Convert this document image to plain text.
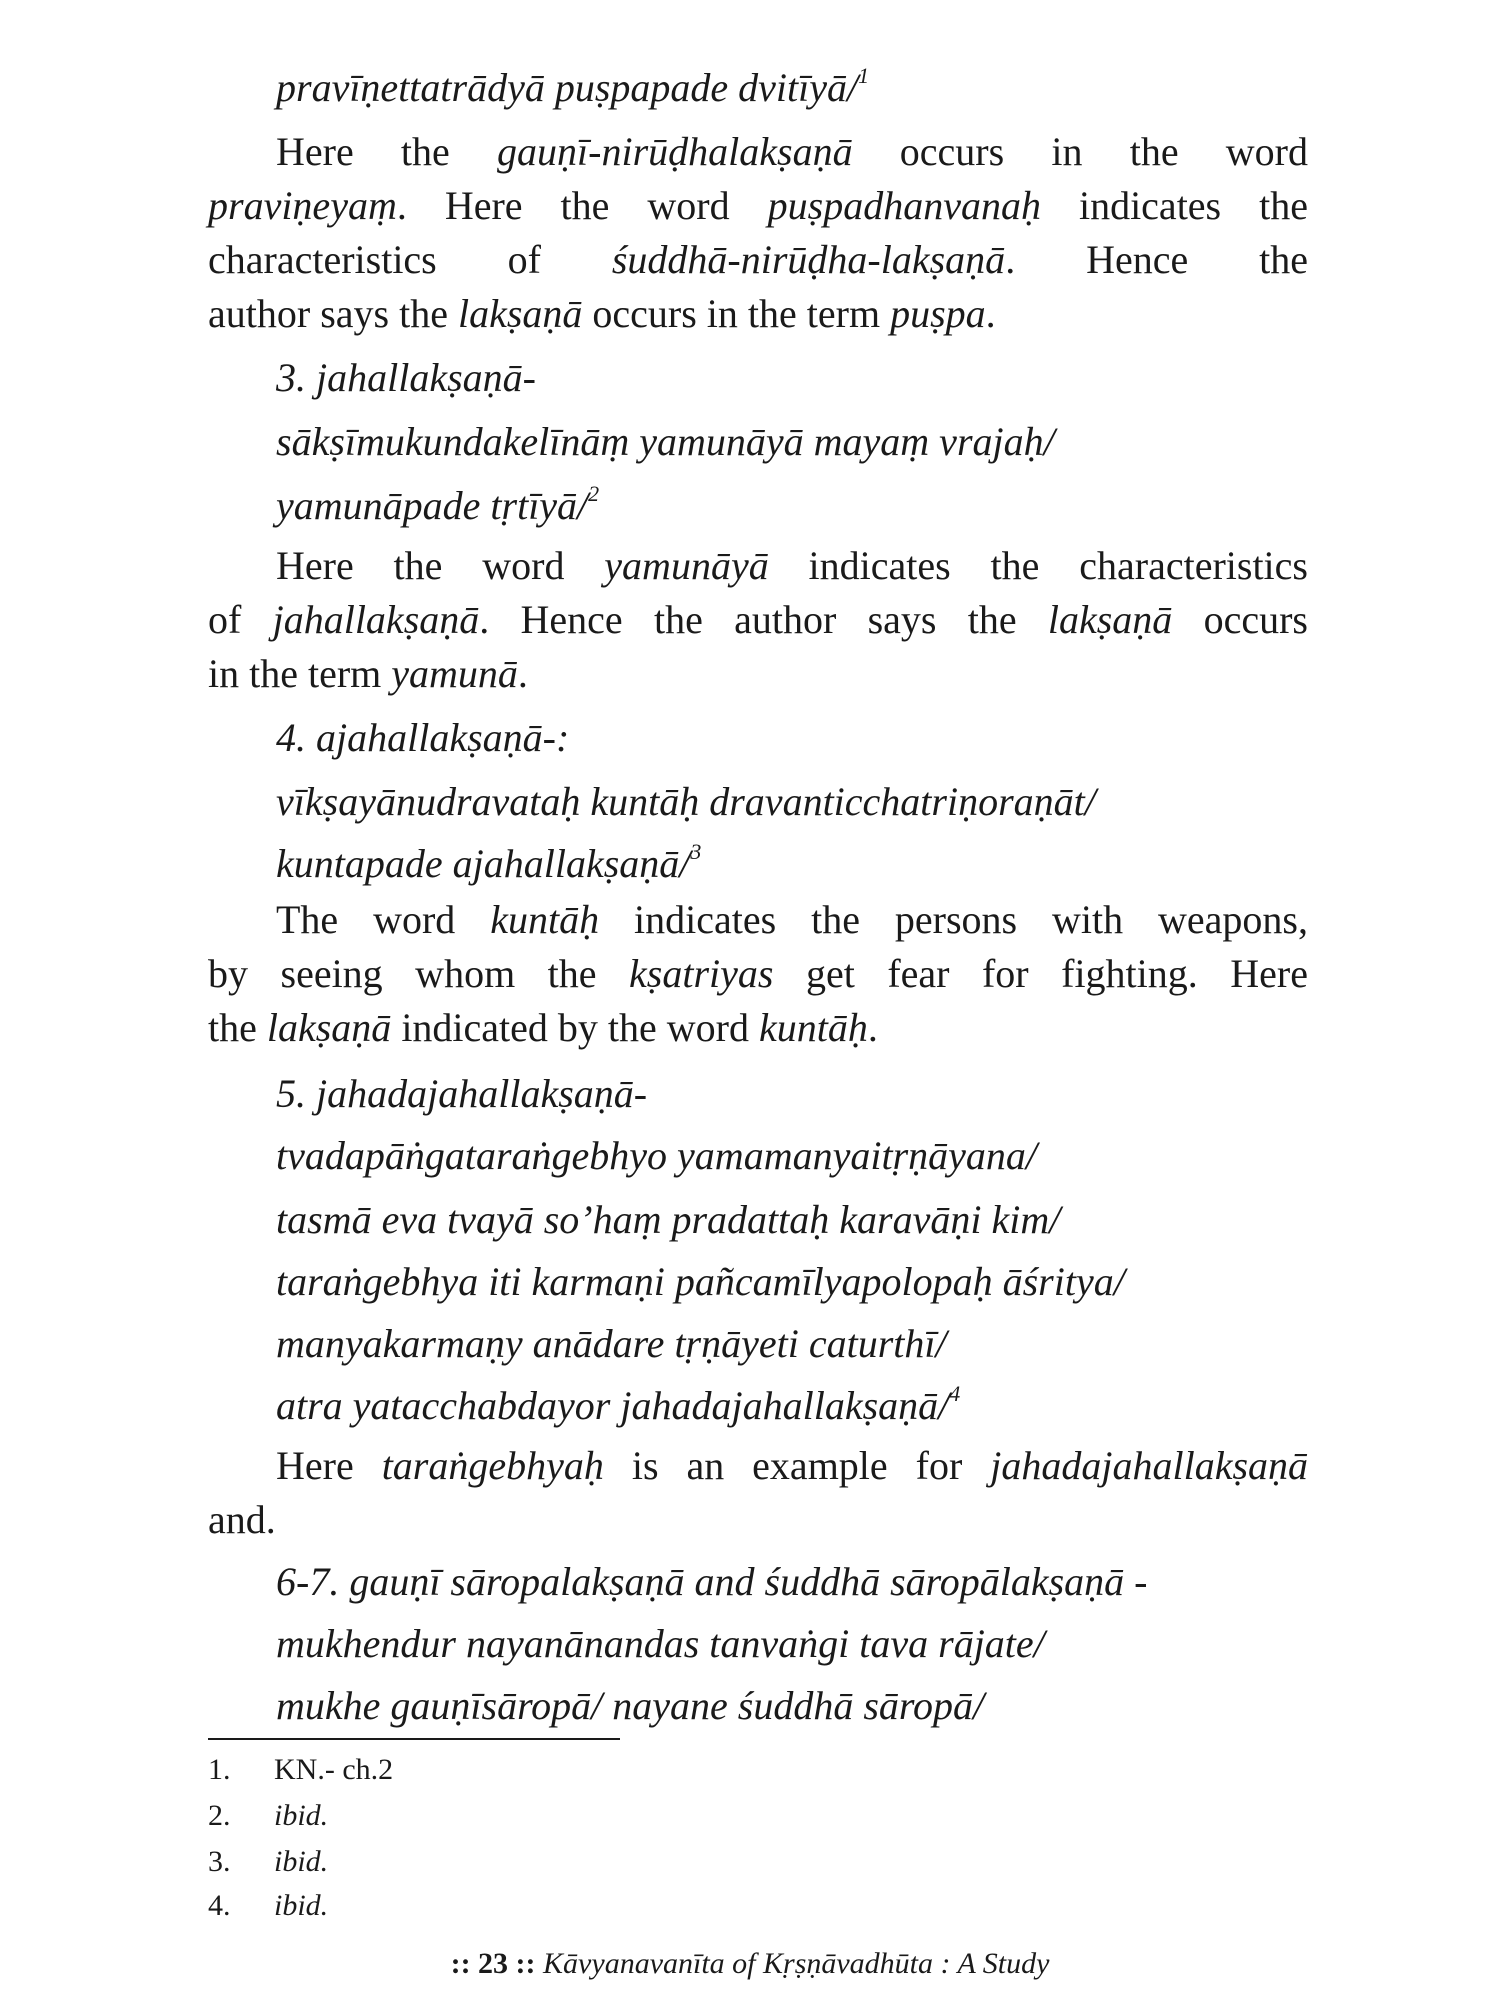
pravīṇettatrādyā puṣpapade dvitīyā/$^1$
Here the gauṇī-nirūḍhalakṣaṇā occurs in the word
praviṇeyaṃ. Here the word puṣpadhanvanaḥ indicates the
characteristics of śuddhā-nirūḍha-lakṣaṇā. Hence the
author says the lakṣaṇā occurs in the term puṣpa.
3. jahallakṣaṇā-
sākṣīmukundakelīnāṃ yamunāyā mayaṃ vrajaḥ/
yamunāpade tṛtīyā/$^2$
Here the word yamunāyā indicates the characteristics
of jahallakṣaṇā. Hence the author says the lakṣaṇā occurs
in the term yamunā.
4. ajahallakṣaṇā-:
vīkṣayānudravataḥ kuntāḥ dravanticchatriṇoraṇāt/
kuntapade ajahallakṣaṇā/$^3$
The word kuntāḥ indicates the persons with weapons,
by seeing whom the kṣatriyas get fear for fighting. Here
the lakṣaṇā indicated by the word kuntāḥ.
5. jahadajahallakṣaṇā-
tvadapāṅgataraṅgebhyo yamamanyaitṛṇāyana/
tasmā eva tvayā so’haṃ pradattaḥ karavāṇi kim/
taraṅgebhya iti karmaṇi pañcamīlyapolopaḥ āśritya/
manyakarmaṇy anādare tṛṇāyeti caturthī/
atra yatacchabdayor jahadajahallakṣaṇā/$^4$
Here taraṅgebhyaḥ is an example for jahadajahallakṣaṇā
and.
6-7. gauṇī sāropalakṣaṇā and śuddhā sāropālakṣaṇā -
mukhendur nayanānandas tanvaṅgi tava rājate/
mukhe gauṇīsāropā/ nayane śuddhā sāropā/
1. KN.- ch.2
2. ibid.
3. ibid.
4. ibid.
:: 23 :: Kāvyanavanīta of Kṛṣṇāvadhūta : A Study
